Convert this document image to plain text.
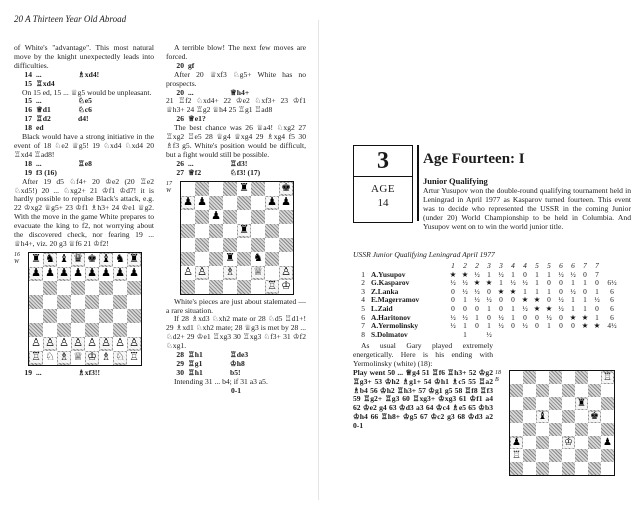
20 A Thirteen Year Old Abroad

of White's "advantage". This most natural move by the knight unexpectedly leads into difficulties.

14 ...	♗xd4!
15 ♖xd4

On 15 ed, 15 ... ♕g5 would be unpleasant.

15 ...	♘e5
16 ♕d1	♘c6
17 ♖d2	d4!
18 ed

Black would have a strong initiative in the event of 18 ♘e2 ♕g5! 19 ♘xd4 ♘xd4 20 ♖xd4 ♖ad8!

18 ...	♖e8
19 f3 (16)

After 19 d5 ♘f4+ 20 ♔e2 (20 ♖e2 ♘xd5!) 20 ... ♘xg2+ 21 ♔f1 ♔d7! it is hardly possible to repulse Black's attack, e.g. 22 ♔xg2 ♕g5+ 23 ♔f1 ♗h3+ 24 ♔e1 ♕g2. With the move in the game White prepares to evacuate the king to f2, not worrying about the discovered check, nor fearing 19 ... ♕h4+, viz. 20 g3 ♕f6 21 ♔f2!

16
W ♜ ♞ ♝ ♛ ♚ ♝ ♞ ♜
♟ ♟ ♟ ♟ ♟ ♟ ♟ ♟
♙ ♙ ♙ ♙ ♙ ♙ ♙ ♙
♖ ♘ ♗ ♕ ♔ ♗ ♘ ♖
19 ...	♗xf3!!

A terrible blow! The next few moves are forced.

20 gf

After 20 ♕xf3 ♘g5+ White has no prospects.

20 ...	♕h4+

21 ♖f2 ♘xd4+ 22 ♔e2 ♘xf3+ 23 ♔f1 ♕h3+ 24 ♖g2 ♕h4 25 ♖g1 ♖ad8

26 ♕e1?

The best chance was 26 ♕a4! ♘xg2 27 ♖xg2 ♖e5 28 ♕g4 ♕xg4 29 ♗xg4 f5 30 ♗f3 g5. White's position would be difficult, but a fight would still be possible.

26 ...	♖d3!
27 ♕f2	♘f3! (17)
17
W	♜	♚
♟ ♟	♟ ♟
♟
♜
♜ ♞
♙ ♙ ♗ ♕ ♙
♖ ♔

White's pieces are just about stalemated — a rare situation.

If 28 ♗xd3 ♘xh2 mate or 28 ♘d5 ♖d1+! 29 ♗xd1 ♘xh2 mate; 28 ♕g3 is met by 28 ... ♘d2+ 29 ♔e1 ♖xg3 30 ♖xg3 ♘f3+ 31 ♔f2 ♘xg1.

28 ♖h1	♖de3
29 ♖g1	♔h8
30 ♖h1	b5!

Intending 31 ... b4; if 31 a3 a5.

0-1

3
AGE
14
Age Fourteen: I
Junior Qualifying

Artur Yusupov won the double-round qualifying tournament held in Leningrad in April 1977 as Kasparov turned fourteen. This event was to decide who represented the USSR in the coming Junior (under 20) World Championship to be held in Columbia. And Yusupov went on to win the world junior title.

USSR Junior Qualifying Leningrad April 1977
		1	2	2	3	3	4	4	5	5	6	6	7	7	
1	A.Yusupov	★	★	½	1	½	1	0	1	1	½	½	0	7	
2	G.Kasparov	½	½	★	★	1	½	½	1	0	0	1	1	0	6½
3	Z.Lanka	0	½	½	0	★	★	1	1	1	0	½	0	1	6
4	E.Magerramov	0	1	½	½	0	0	★	★	0	½	1	1	½	6
5	L.Zaid	0	0	0	1	0	1	½	★	★	½	1	1	0	6
6	A.Haritonov	½	½	1	0	½	1	0	0	½	0	★	★	1	6
7	A.Yermolinsky	½	1	0	1	½	0	½	0	1	0	0	★	★	4½
8	S.Dolmatov		1		½										

As usual Gary played extremely energetically. Here is his ending with Yermolinsky (white) (18):

Play went 50 ... ♕g4 51 ♖f6 ♖h3+ 52 ♔g2 ♖g3+ 53 ♔h2 ♗g1+ 54 ♔h1 ♗c5 55 ♖a2 ♗b4 56 ♔h2 ♖h3+ 57 ♔g1 g5 58 ♖f8 ♖f3 59 ♖g2+ ♖g3 60 ♖xg3+ ♔xg3 61 ♔f1 a4 62 ♔e2 g4 63 ♔d3 a3 64 ♔c4 ♗e5 65 ♔b3 ♔h4 66 ♖h8+ ♔g5 67 ♔c2 g3 68 ♔d3 a2 0-1

18
B	♖
♜
♝	♚
♟	♔	♟
♖
